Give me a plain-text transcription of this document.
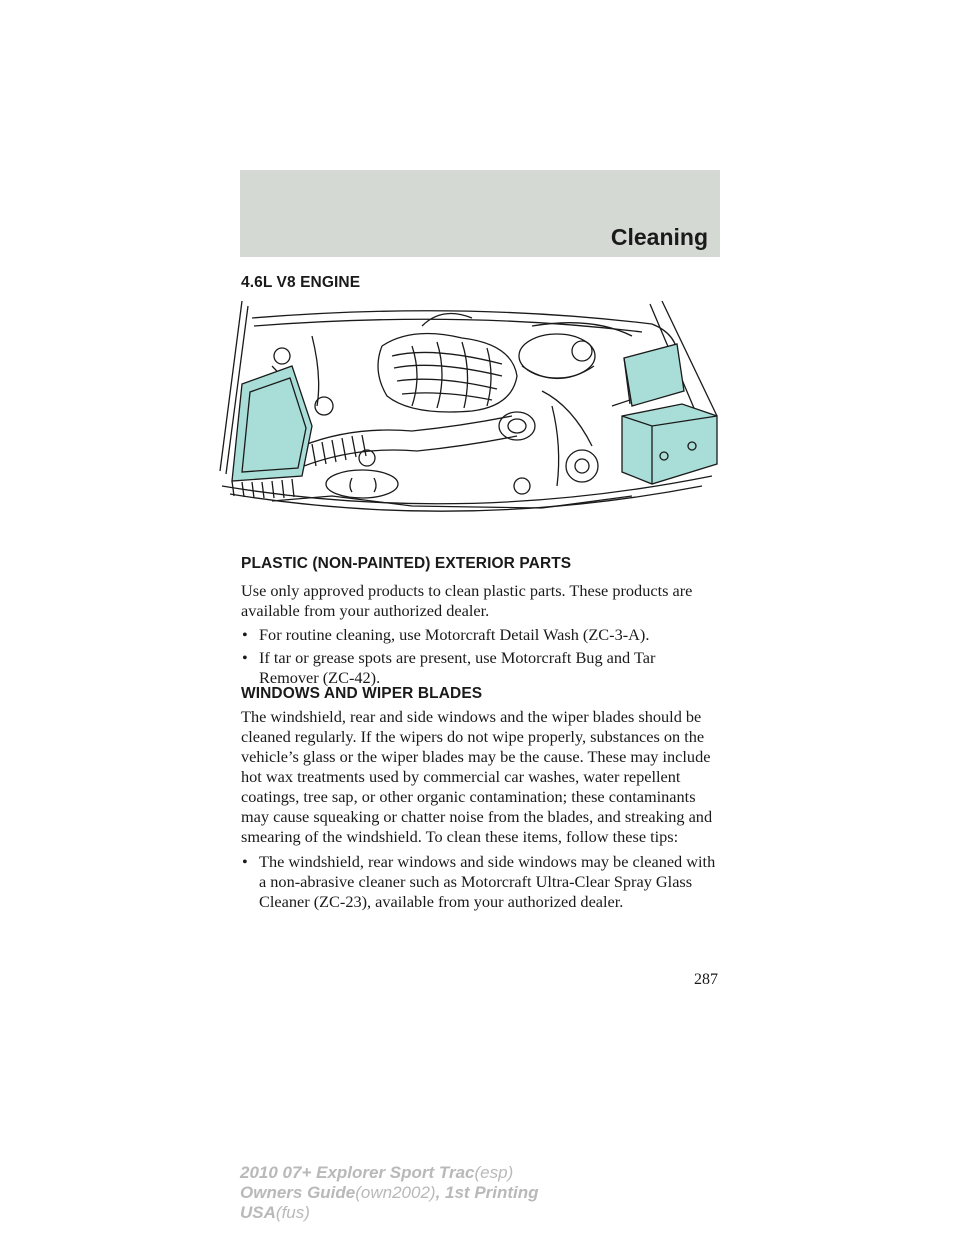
Cleaning
4.6L V8 ENGINE
PLASTIC (NON-PAINTED) EXTERIOR PARTS
Use only approved products to clean plastic parts. These products are
available from your authorized dealer.
• For routine cleaning, use Motorcraft Detail Wash (ZC-3-A).
• If tar or grease spots are present, use Motorcraft Bug and Tar
Remover (ZC-42).
WINDOWS AND WIPER BLADES
The windshield, rear and side windows and the wiper blades should be
cleaned regularly. If the wipers do not wipe properly, substances on the
vehicle’s glass or the wiper blades may be the cause. These may include
hot wax treatments used by commercial car washes, water repellent
coatings, tree sap, or other organic contamination; these contaminants
may cause squeaking or chatter noise from the blades, and streaking and
smearing of the windshield. To clean these items, follow these tips:
• The windshield, rear windows and side windows may be cleaned with
a non-abrasive cleaner such as Motorcraft Ultra-Clear Spray Glass
Cleaner (ZC-23), available from your authorized dealer.
287
2010 07+ Explorer Sport Trac(esp)
Owners Guide(own2002), 1st Printing
USA(fus)
